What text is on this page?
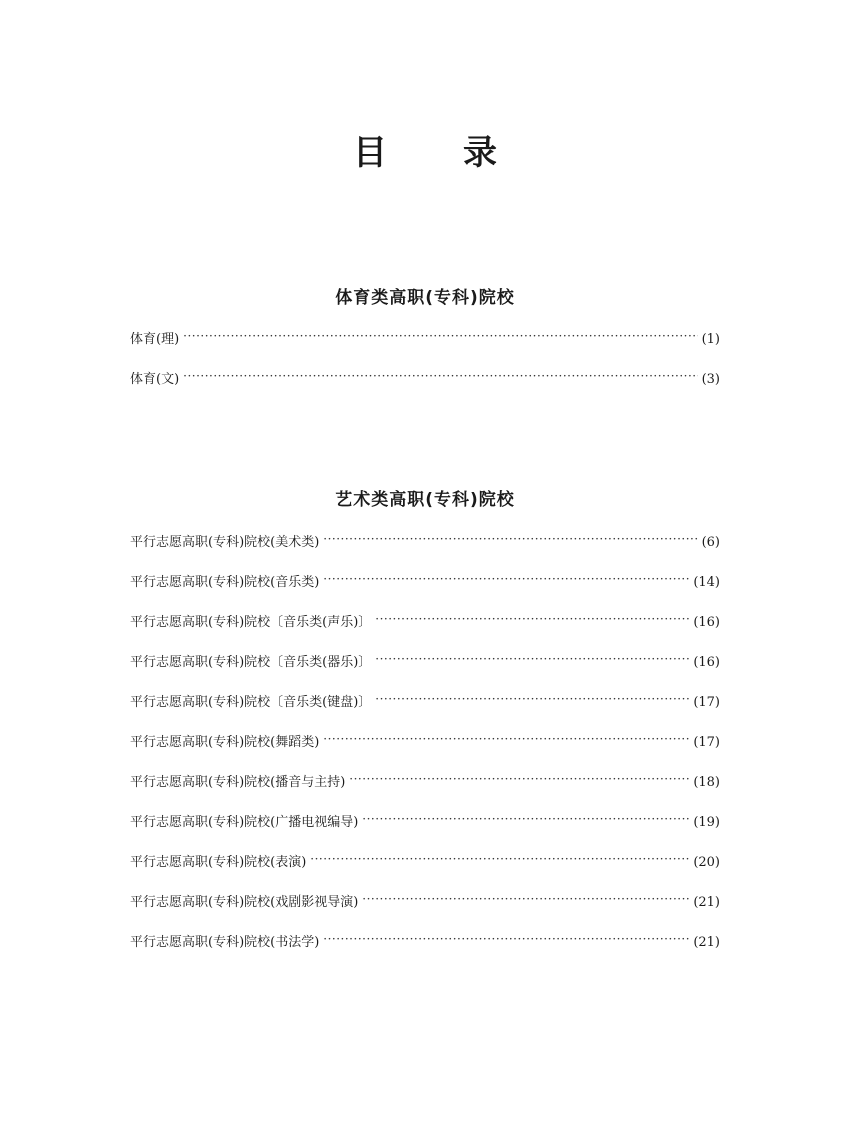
目 录
体育类高职(专科)院校
体育(理) ·····	(1)
体育(文) ·····	(3)
艺术类高职(专科)院校
平行志愿高职(专科)院校(美术类) ·····	(6)
平行志愿高职(专科)院校(音乐类) ·····	(14)
平行志愿高职(专科)院校〔音乐类(声乐)〕 ·····	(16)
平行志愿高职(专科)院校〔音乐类(器乐)〕 ·····	(16)
平行志愿高职(专科)院校〔音乐类(键盘)〕 ·····	(17)
平行志愿高职(专科)院校(舞蹈类) ·····	(17)
平行志愿高职(专科)院校(播音与主持) ·····	(18)
平行志愿高职(专科)院校(广播电视编导) ·····	(19)
平行志愿高职(专科)院校(表演) ·····	(20)
平行志愿高职(专科)院校(戏剧影视导演) ·····	(21)
平行志愿高职(专科)院校(书法学) ·····	(21)
